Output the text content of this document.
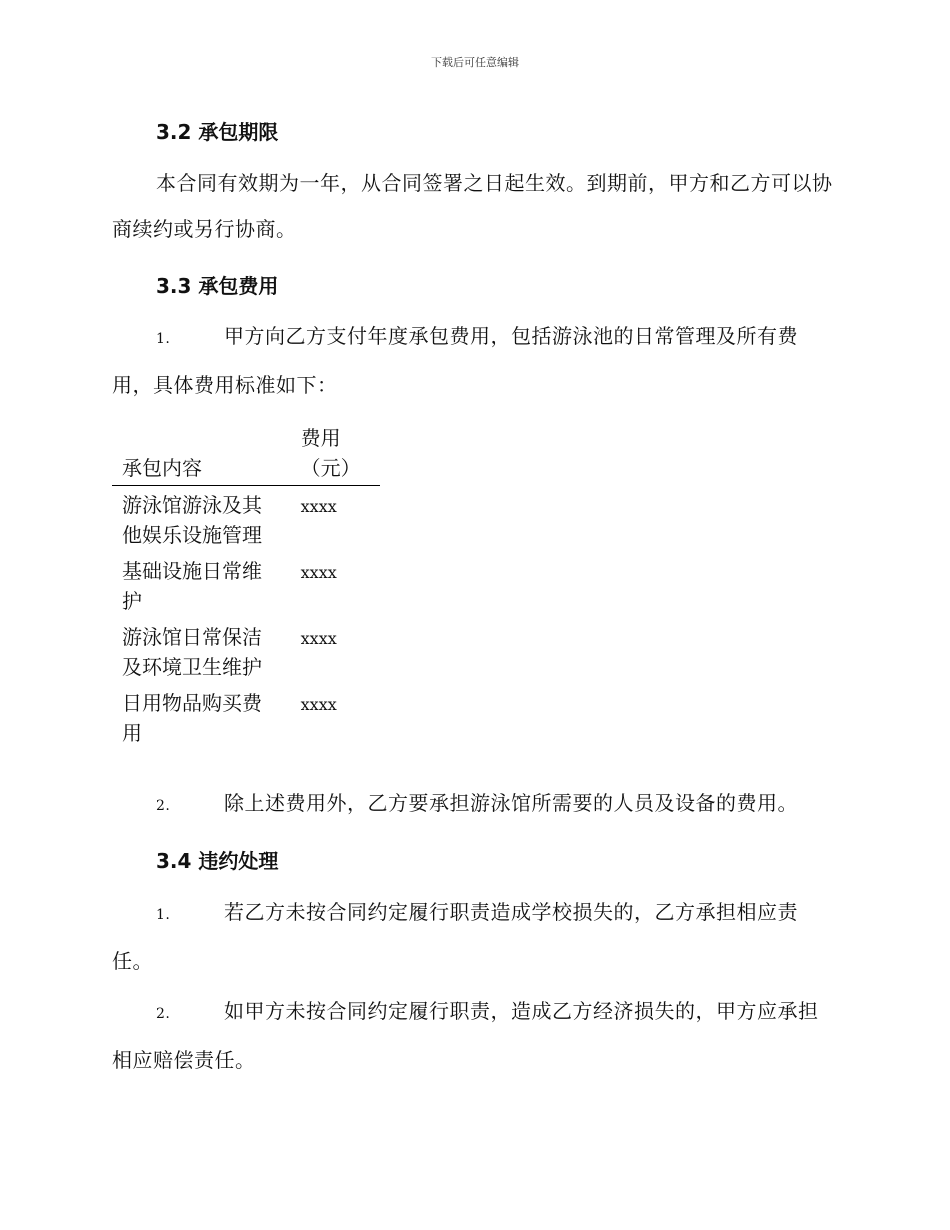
下载后可任意编辑
3.2 承包期限
本合同有效期为一年，从合同签署之日起生效。到期前，甲方和乙方可以协商续约或另行协商。
3.3 承包费用
1.	甲方向乙方支付年度承包费用，包括游泳池的日常管理及所有费用，具体费用标准如下：
承包内容	费用（元）
游泳馆游泳及其他娱乐设施管理	xxxx
基础设施日常维护	xxxx
游泳馆日常保洁及环境卫生维护	xxxx
日用物品购买费用	xxxx
2.	除上述费用外，乙方要承担游泳馆所需要的人员及设备的费用。
3.4 违约处理
1.	若乙方未按合同约定履行职责造成学校损失的，乙方承担相应责任。
2.	如甲方未按合同约定履行职责，造成乙方经济损失的，甲方应承担相应赔偿责任。
